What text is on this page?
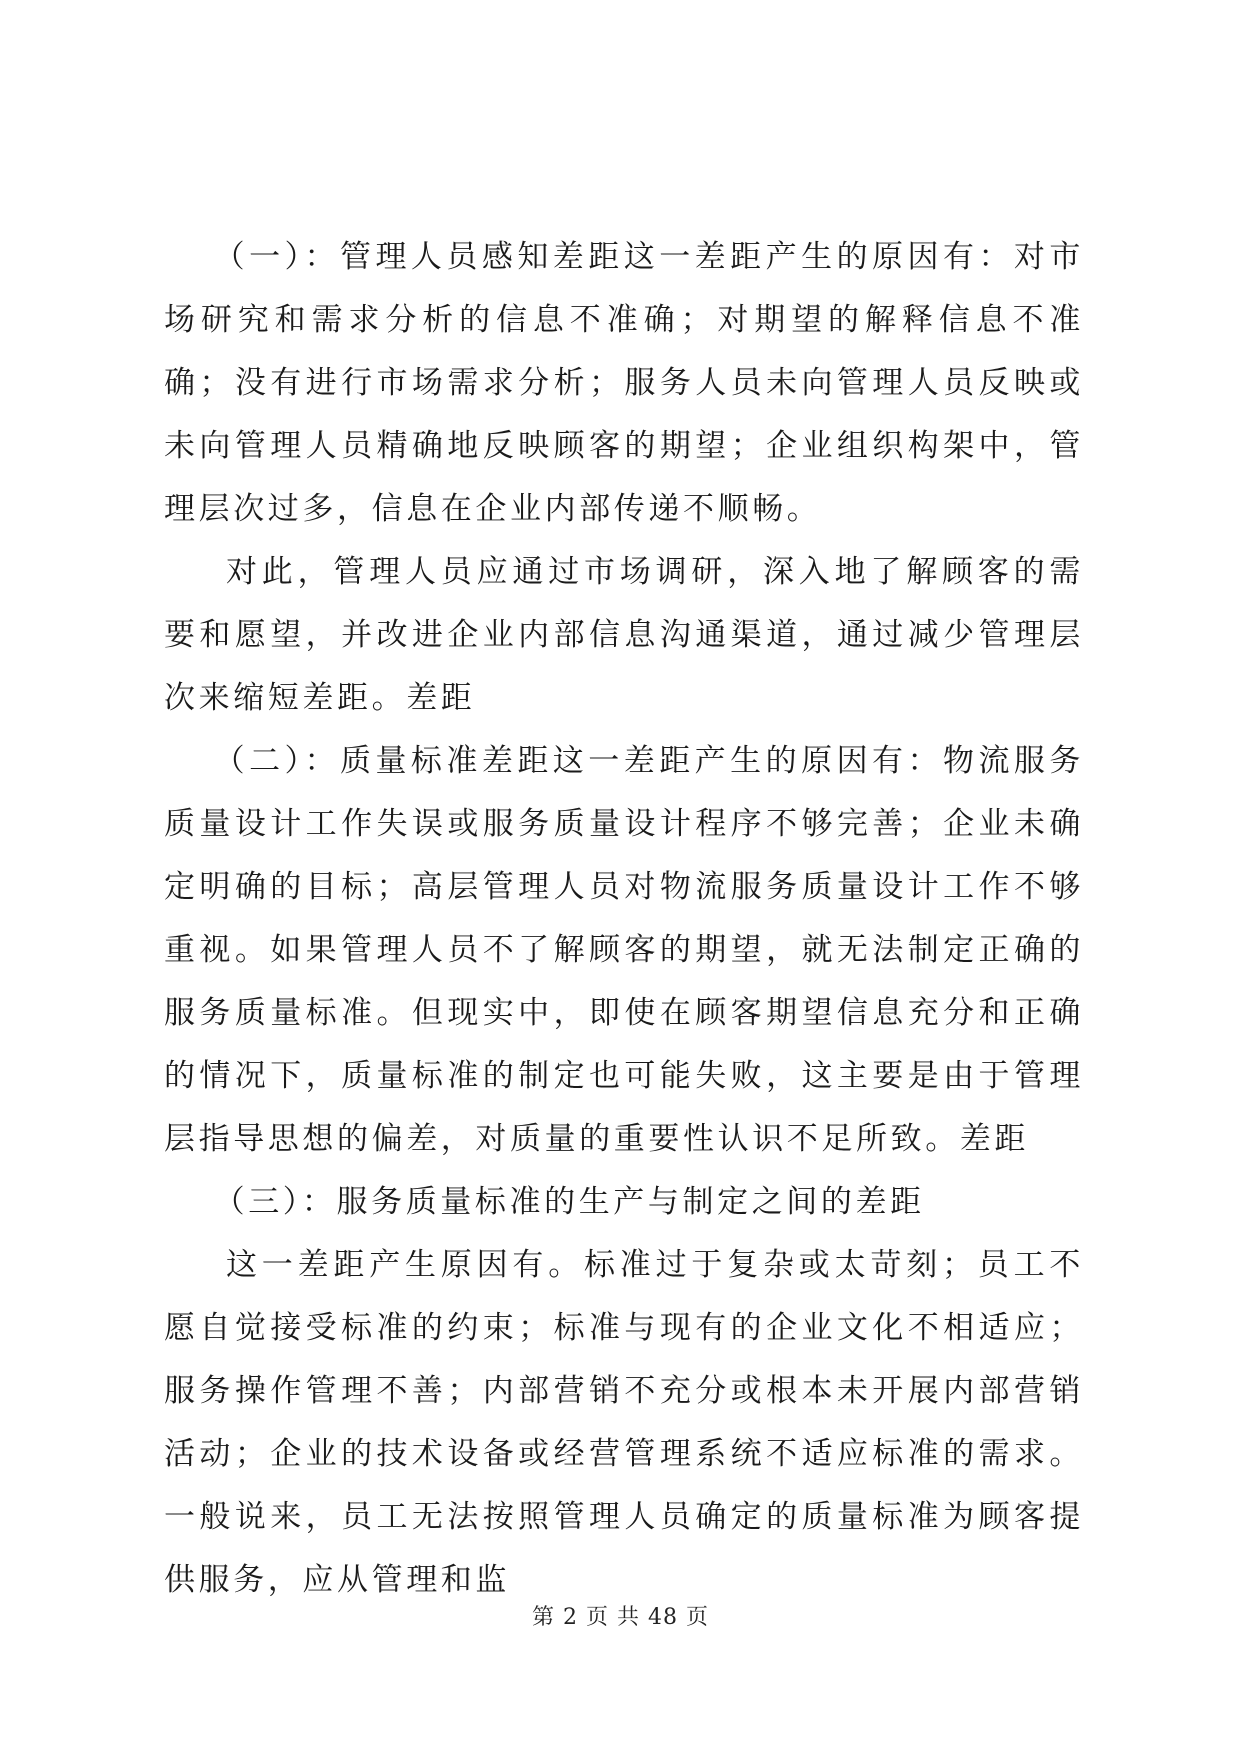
（一）：管理人员感知差距这一差距产生的原因有：对市场研究和需求分析的信息不准确；对期望的解释信息不准确；没有进行市场需求分析；服务人员未向管理人员反映或未向管理人员精确地反映顾客的期望；企业组织构架中，管理层次过多，信息在企业内部传递不顺畅。

对此，管理人员应通过市场调研，深入地了解顾客的需要和愿望，并改进企业内部信息沟通渠道，通过减少管理层次来缩短差距。差距

（二）：质量标准差距这一差距产生的原因有：物流服务质量设计工作失误或服务质量设计程序不够完善；企业未确定明确的目标；高层管理人员对物流服务质量设计工作不够重视。如果管理人员不了解顾客的期望，就无法制定正确的服务质量标准。但现实中，即使在顾客期望信息充分和正确的情况下，质量标准的制定也可能失败，这主要是由于管理层指导思想的偏差，对质量的重要性认识不足所致。差距

（三）：服务质量标准的生产与制定之间的差距

这一差距产生原因有。标准过于复杂或太苛刻；员工不愿自觉接受标准的约束；标准与现有的企业文化不相适应；服务操作管理不善；内部营销不充分或根本未开展内部营销活动；企业的技术设备或经营管理系统不适应标准的需求。一般说来，员工无法按照管理人员确定的质量标准为顾客提供服务，应从管理和监

第 2 页 共 48 页
